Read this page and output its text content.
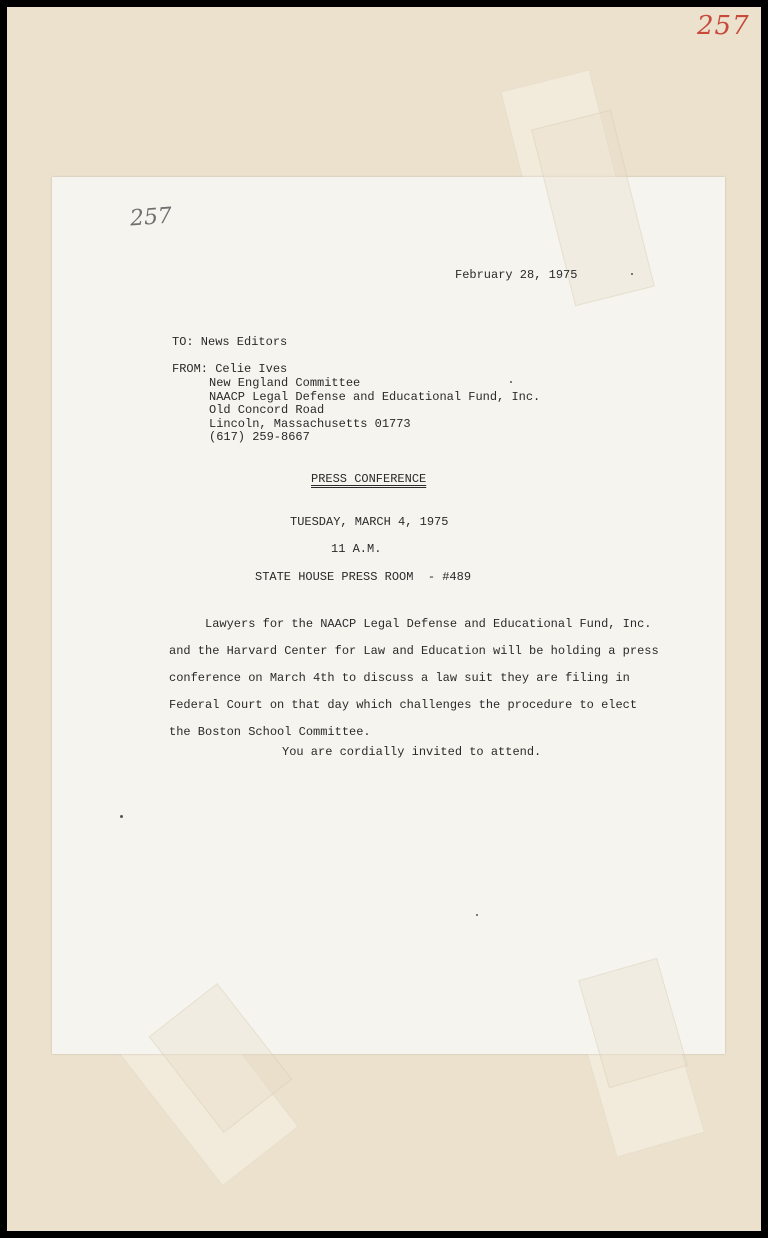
257
257
February 28, 1975
TO: News Editors
FROM: Celie Ives
New England Committee
NAACP Legal Defense and Educational Fund, Inc.
Old Concord Road
Lincoln, Massachusetts 01773
(617) 259-8667
PRESS CONFERENCE
TUESDAY, MARCH 4, 1975
11 A.M.
STATE HOUSE PRESS ROOM  - #489
Lawyers for the NAACP Legal Defense and Educational Fund, Inc.
and the Harvard Center for Law and Education will be holding a press
conference on March 4th to discuss a law suit they are filing in
Federal Court on that day which challenges the procedure to elect
the Boston School Committee.
You are cordially invited to attend.
